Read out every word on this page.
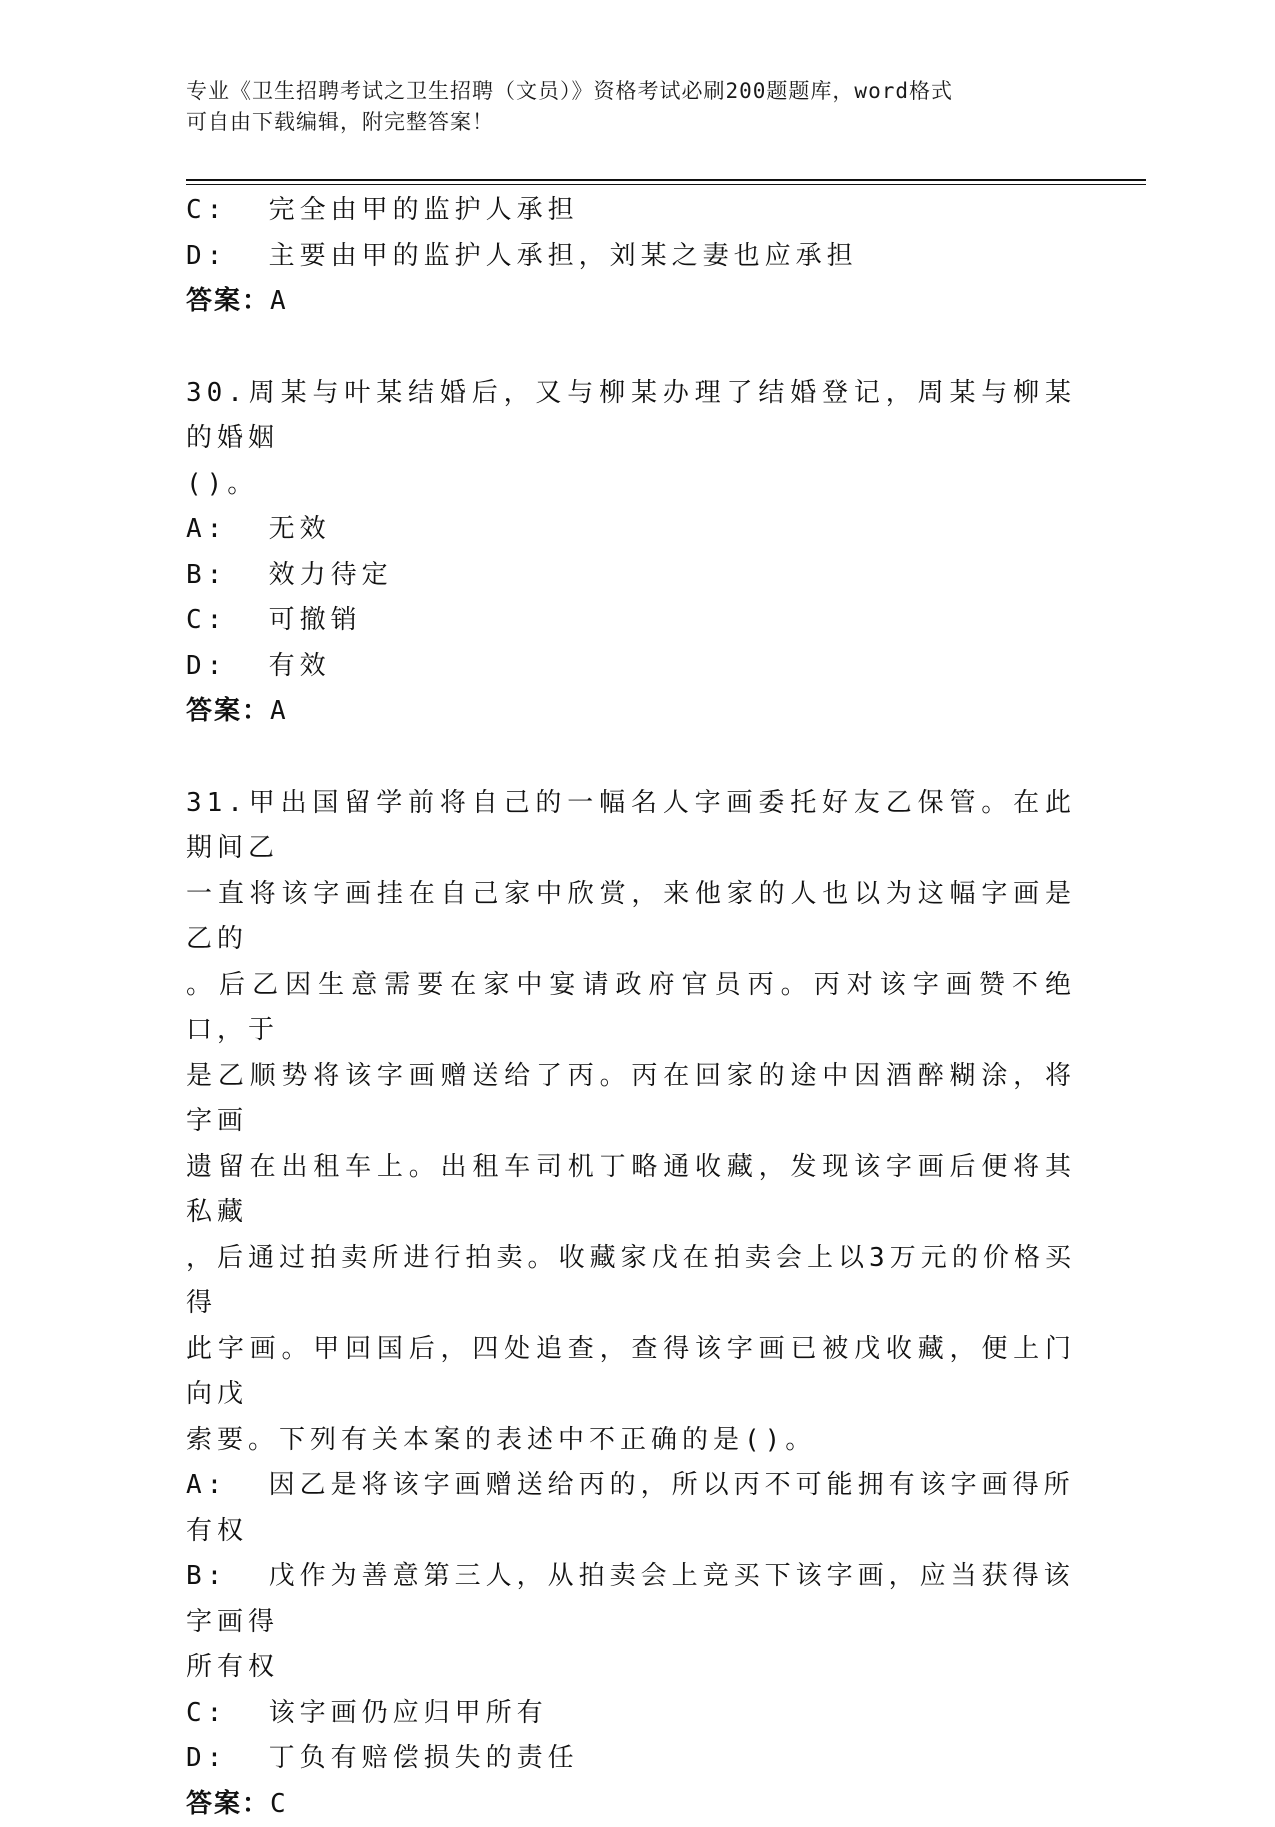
专业《卫生招聘考试之卫生招聘（文员）》资格考试必刷200题题库，word格式
可自由下载编辑，附完整答案！
C:  完全由甲的监护人承担
D:  主要由甲的监护人承担，刘某之妻也应承担
答案：A
30.周某与叶某结婚后，又与柳某办理了结婚登记，周某与柳某的婚姻
()。
A:  无效
B:  效力待定
C:  可撤销
D:  有效
答案：A
31.甲出国留学前将自己的一幅名人字画委托好友乙保管。在此期间乙
一直将该字画挂在自己家中欣赏，来他家的人也以为这幅字画是乙的
。后乙因生意需要在家中宴请政府官员丙。丙对该字画赞不绝口，于
是乙顺势将该字画赠送给了丙。丙在回家的途中因酒醉糊涂，将字画
遗留在出租车上。出租车司机丁略通收藏，发现该字画后便将其私藏
，后通过拍卖所进行拍卖。收藏家戊在拍卖会上以3万元的价格买得
此字画。甲回国后，四处追查，查得该字画已被戊收藏，便上门向戊
索要。下列有关本案的表述中不正确的是()。
A:  因乙是将该字画赠送给丙的，所以丙不可能拥有该字画得所有权
B:  戊作为善意第三人，从拍卖会上竞买下该字画，应当获得该字画得
所有权
C:  该字画仍应归甲所有
D:  丁负有赔偿损失的责任
答案：C
